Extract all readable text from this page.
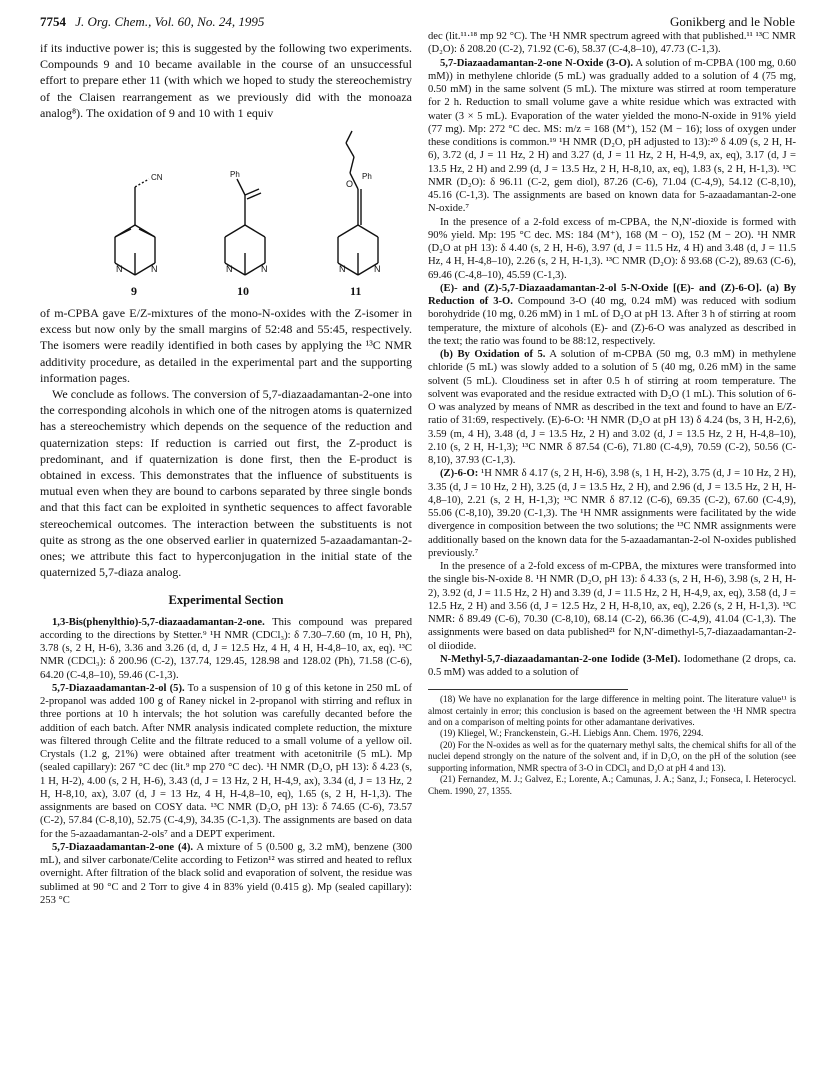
7754 J. Org. Chem., Vol. 60, No. 24, 1995	Gonikberg and le Noble

if its inductive power is; this is suggested by the following two experiments. Compounds 9 and 10 became available in the course of an unsuccessful effort to prepare ether 11 (with which we hoped to study the stereochemistry of the Claisen rearrangement as we previously did with the monoaza analog⁸). The oxidation of 9 and 10 with 1 equiv

N	N	N	N	N	N
O
CN	Ph	Ph
9	10	11

of m-CPBA gave E/Z-mixtures of the mono-N-oxides with the Z-isomer in excess but now only by the small margins of 52:48 and 55:45, respectively. The isomers were readily identified in both cases by applying the ¹³C NMR additivity procedure, as detailed in the experimental part and the supporting information pages.

We conclude as follows. The conversion of 5,7-diazaadamantan-2-one into the corresponding alcohols in which one of the nitrogen atoms is quaternized has a stereochemistry which depends on the sequence of the reduction and quaternization steps: If reduction is carried out first, the Z-product is predominant, and if quaternization is done first, then the E-product is obtained in excess. This demonstrates that the influence of substituents is mutual even when they are bound to carbons separated by three single bonds and that this fact can be exploited in synthetic sequences to affect favorable stereochemical outcomes. The interaction between the substituents is not quite as strong as the one observed earlier in quaternized 5-azaadamantan-2-ones; we attribute this fact to hyperconjugation in the initial state of the quaternized 5,7-diaza analog.

Experimental Section

1,3-Bis(phenylthio)-5,7-diazaadamantan-2-one. This compound was prepared according to the directions by Stetter.⁹ ¹H NMR (CDCl₃): δ 7.30–7.60 (m, 10 H, Ph), 3.78 (s, 2 H, H-6), 3.36 and 3.26 (d, d, J = 12.5 Hz, 4 H, 4 H, H-4,8–10, ax, eq). ¹³C NMR (CDCl₃): δ 200.96 (C-2), 137.74, 129.45, 128.98 and 128.02 (Ph), 71.58 (C-6), 64.20 (C-4,8–10), 59.46 (C-1,3).

5,7-Diazaadamantan-2-ol (5). To a suspension of 10 g of this ketone in 250 mL of 2-propanol was added 100 g of Raney nickel in 2-propanol with stirring and reflux in three portions at 10 h intervals; the hot solution was carefully decanted before the addition of each batch. After NMR analysis indicated complete reduction, the mixture was filtered through Celite and the filtrate reduced to a small volume of a yellow oil. Crystals (1.2 g, 21%) were obtained after treatment with acetonitrile (5 mL). Mp (sealed capillary): 267 °C dec (lit.⁹ mp 270 °C dec). ¹H NMR (D₂O, pH 13): δ 4.23 (s, 1 H, H-2), 4.00 (s, 2 H, H-6), 3.43 (d, J = 13 Hz, 2 H, H-4,9, ax), 3.34 (d, J = 13 Hz, 2 H, H-8,10, ax), 3.07 (d, J = 13 Hz, 4 H, H-4,8–10, eq), 1.65 (s, 2 H, H-1,3). The assignments are based on COSY data. ¹³C NMR (D₂O, pH 13): δ 74.65 (C-6), 73.57 (C-2), 57.84 (C-8,10), 52.75 (C-4,9), 34.35 (C-1,3). The assignments are based on data for the 5-azaadamantan-2-ols⁷ and a DEPT experiment.

5,7-Diazaadamantan-2-one (4). A mixture of 5 (0.500 g, 3.2 mM), benzene (300 mL), and silver carbonate/Celite according to Fetizon¹² was stirred and heated to reflux overnight. After filtration of the black solid and evaporation of solvent, the residue was sublimed at 90 °C and 2 Torr to give 4 in 83% yield (0.415 g). Mp (sealed capillary): 253 °C

dec (lit.¹¹·¹⁸ mp 92 °C). The ¹H NMR spectrum agreed with that published.¹¹ ¹³C NMR (D₂O): δ 208.20 (C-2), 71.92 (C-6), 58.37 (C-4,8–10), 47.73 (C-1,3).

5,7-Diazaadamantan-2-one N-Oxide (3-O). A solution of m-CPBA (100 mg, 0.60 mM)) in methylene chloride (5 mL) was gradually added to a solution of 4 (75 mg, 0.50 mM) in the same solvent (5 mL). The mixture was stirred at room temperature for 2 h. Reduction to small volume gave a white residue which was extracted with water (3 × 5 mL). Evaporation of the water yielded the mono-N-oxide in 91% yield (77 mg). Mp: 272 °C dec. MS: m/z = 168 (M⁺), 152 (M − 16); loss of oxygen under these conditions is common.¹⁹ ¹H NMR (D₂O, pH adjusted to 13):²⁰ δ 4.09 (s, 2 H, H-6), 3.72 (d, J = 11 Hz, 2 H) and 3.27 (d, J = 11 Hz, 2 H, H-4,9, ax, eq), 3.17 (d, J = 13.5 Hz, 2 H) and 2.99 (d, J = 13.5 Hz, 2 H, H-8,10, ax, eq), 1.83 (s, 2 H, H-1,3). ¹³C NMR (D₂O): δ 96.11 (C-2, gem diol), 87.26 (C-6), 71.04 (C-4,9), 54.12 (C-8,10), 45.16 (C-1,3). The assignments are based on known data for 5-azaadamantan-2-one N-oxide.⁷

In the presence of a 2-fold excess of m-CPBA, the N,N′-dioxide is formed with 90% yield. Mp: 195 °C dec. MS: 184 (M⁺), 168 (M − O), 152 (M − 2O). ¹H NMR (D₂O at pH 13): δ 4.40 (s, 2 H, H-6), 3.97 (d, J = 11.5 Hz, 4 H) and 3.48 (d, J = 11.5 Hz, 4 H, H-4,8–10), 2.26 (s, 2 H, H-1,3). ¹³C NMR (D₂O): δ 93.68 (C-2), 89.63 (C-6), 69.46 (C-4,8–10), 45.59 (C-1,3).

(E)- and (Z)-5,7-Diazaadamantan-2-ol 5-N-Oxide [(E)- and (Z)-6-O]. (a) By Reduction of 3-O. Compound 3-O (40 mg, 0.24 mM) was reduced with sodium borohydride (10 mg, 0.26 mM) in 1 mL of D₂O at pH 13. After 3 h of stirring at room temperature, the mixture of alcohols (E)- and (Z)-6-O was analyzed as described in the text; the ratio was found to be 88:12, respectively.

(b) By Oxidation of 5. A solution of m-CPBA (50 mg, 0.3 mM) in methylene chloride (5 mL) was slowly added to a solution of 5 (40 mg, 0.26 mM) in the same solvent (5 mL). Cloudiness set in after 0.5 h of stirring at room temperature. The solvent was evaporated and the residue extracted with D₂O (1 mL). This solution of 6-O was analyzed by means of NMR as described in the text and found to have an E/Z-ratio of 31:69, respectively. (E)-6-O: ¹H NMR (D₂O at pH 13) δ 4.24 (bs, 3 H, H-2,6), 3.59 (m, 4 H), 3.48 (d, J = 13.5 Hz, 2 H) and 3.02 (d, J = 13.5 Hz, 2 H, H-4,8–10), 2.10 (s, 2 H, H-1,3); ¹³C NMR δ 87.54 (C-6), 71.80 (C-4,9), 70.59 (C-2), 50.56 (C-8,10), 37.93 (C-1,3).

(Z)-6-O: ¹H NMR δ 4.17 (s, 2 H, H-6), 3.98 (s, 1 H, H-2), 3.75 (d, J = 10 Hz, 2 H), 3.35 (d, J = 10 Hz, 2 H), 3.25 (d, J = 13.5 Hz, 2 H), and 2.96 (d, J = 13.5 Hz, 2 H, H-4,8–10), 2.21 (s, 2 H, H-1,3); ¹³C NMR δ 87.12 (C-6), 69.35 (C-2), 67.60 (C-4,9), 55.06 (C-8,10), 39.20 (C-1,3). The ¹H NMR assignments were facilitated by the wide divergence in composition between the two solutions; the ¹³C NMR assignments were additionally based on the known data for the 5-azaadamantan-2-ol N-oxides published previously.⁷

In the presence of a 2-fold excess of m-CPBA, the mixtures were transformed into the single bis-N-oxide 8. ¹H NMR (D₂O, pH 13): δ 4.33 (s, 2 H, H-6), 3.98 (s, 2 H, H-2), 3.92 (d, J = 11.5 Hz, 2 H) and 3.39 (d, J = 11.5 Hz, 2 H, H-4,9, ax, eq), 3.58 (d, J = 12.5 Hz, 2 H) and 3.56 (d, J = 12.5 Hz, 2 H, H-8,10, ax, eq), 2.26 (s, 2 H, H-1,3). ¹³C NMR: δ 89.49 (C-6), 70.30 (C-8,10), 68.14 (C-2), 66.36 (C-4,9), 41.04 (C-1,3). The assignments were based on data published²¹ for N,N′-dimethyl-5,7-diazaadamantan-2-ol diiodide.

N-Methyl-5,7-diazaadamantan-2-one Iodide (3-MeI). Iodomethane (2 drops, ca. 0.5 mM) was added to a solution of

(18) We have no explanation for the large difference in melting point. The literature value¹¹ is almost certainly in error; this conclusion is based on the agreement between the ¹H NMR spectra and on a comparison of melting points for other adamantane derivatives.

(19) Kliegel, W.; Franckenstein, G.-H. Liebigs Ann. Chem. 1976, 2294.

(20) For the N-oxides as well as for the quaternary methyl salts, the chemical shifts for all of the nuclei depend strongly on the nature of the solvent and, if in D₂O, on the pH of the solution (see supporting information, NMR spectra of 3-O in CDCl₃ and D₂O at pH 4 and 13).

(21) Fernandez, M. J.; Galvez, E.; Lorente, A.; Camunas, J. A.; Sanz, J.; Fonseca, I. Heterocycl. Chem. 1990, 27, 1355.
